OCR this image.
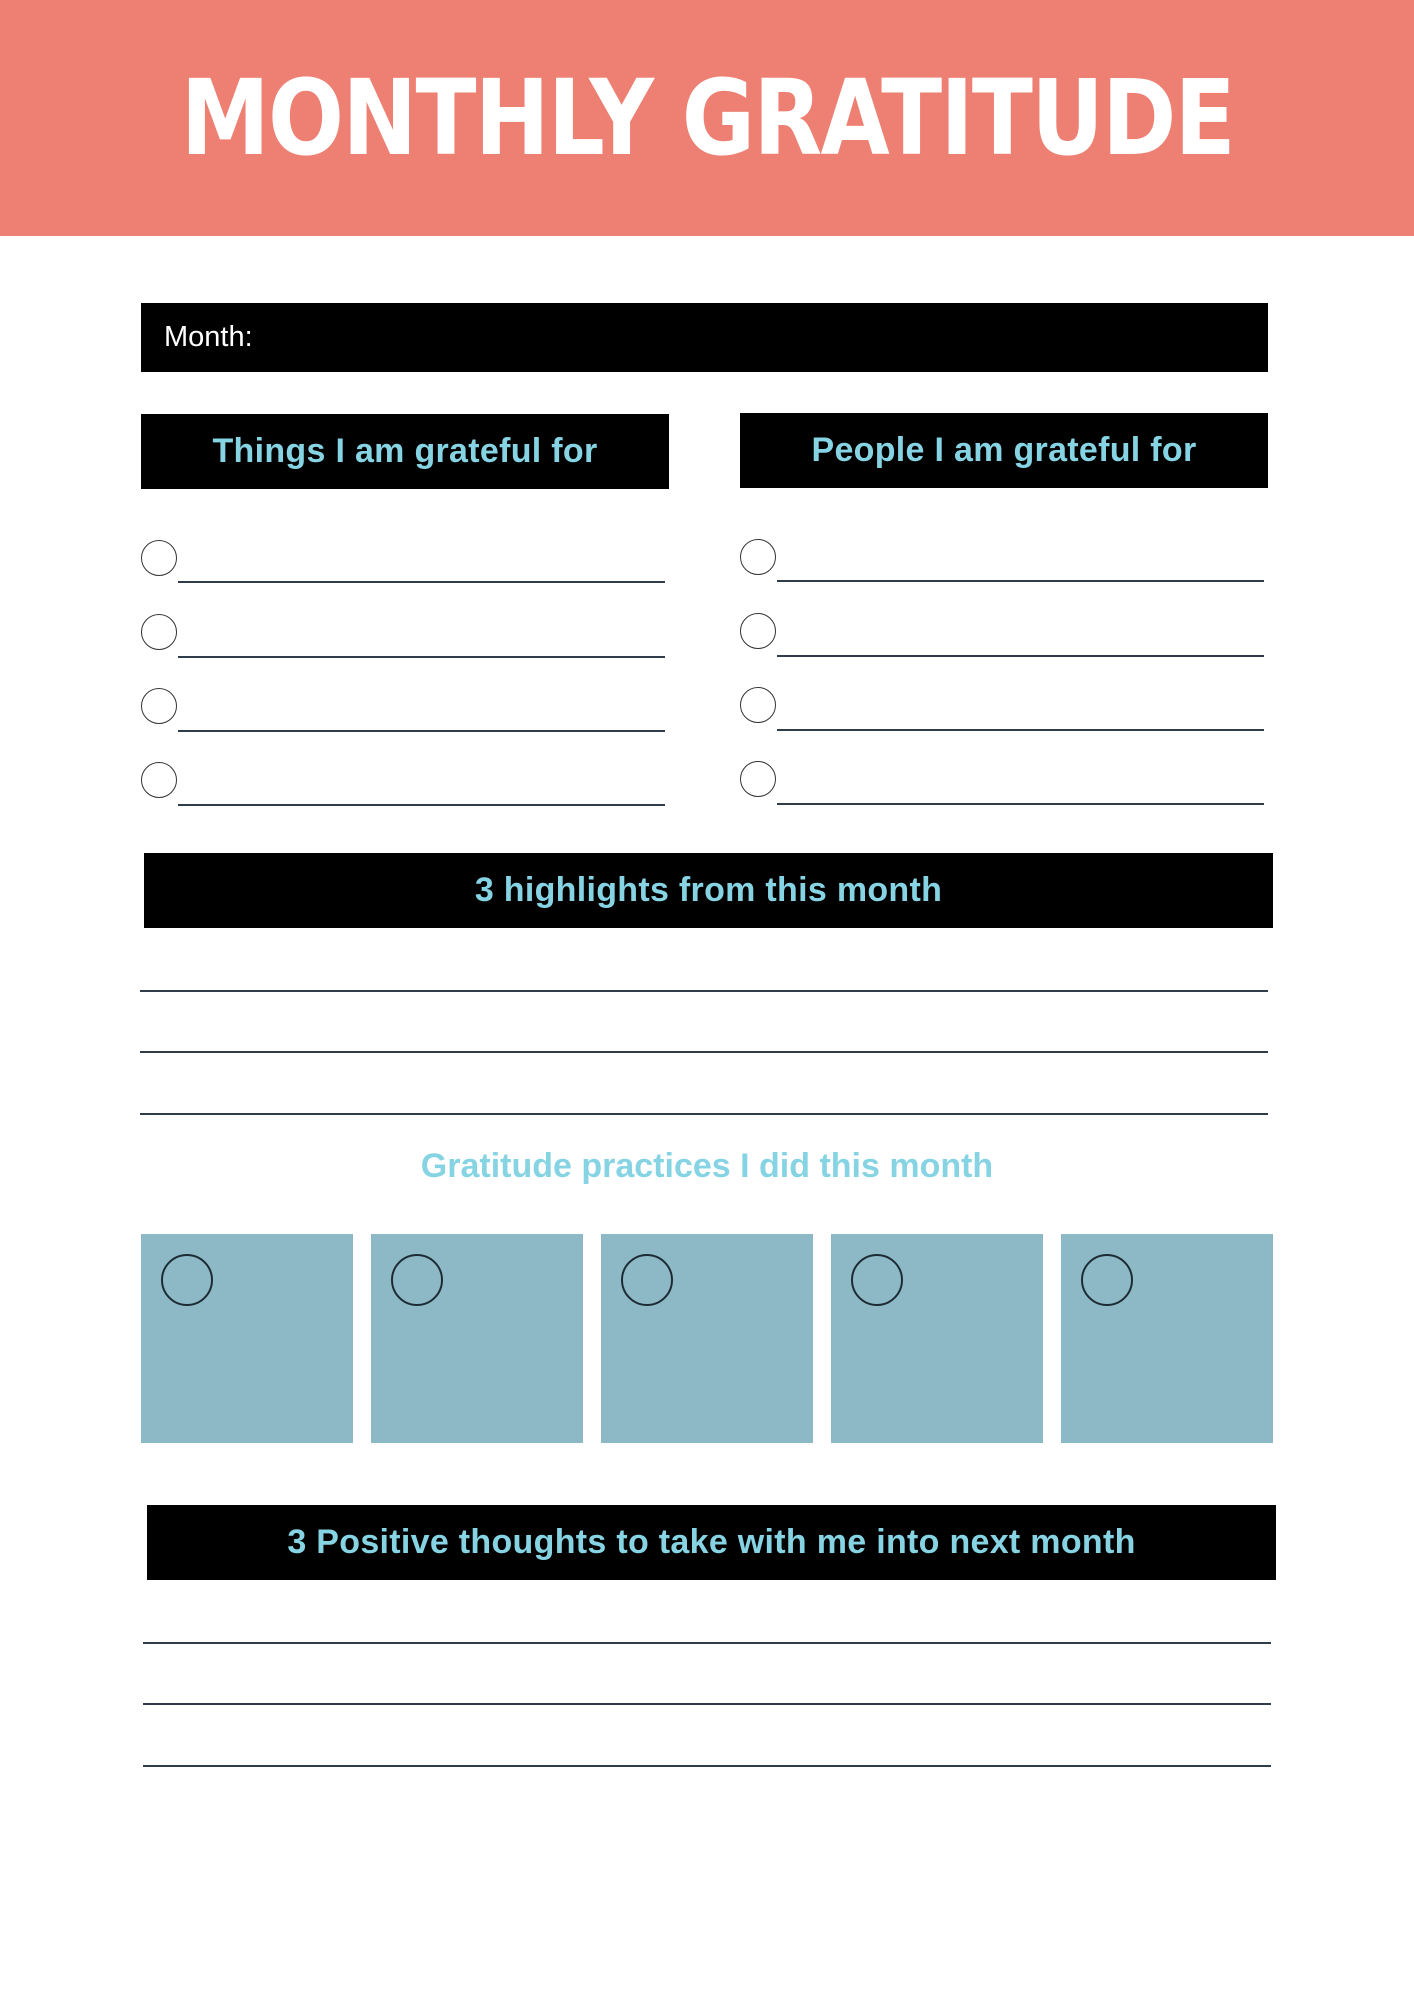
MONTHLY GRATITUDE
Month:
Things I am grateful for	People I am grateful for
3 highlights from this month
Gratitude practices I did this month
3 Positive thoughts to take with me into next month
